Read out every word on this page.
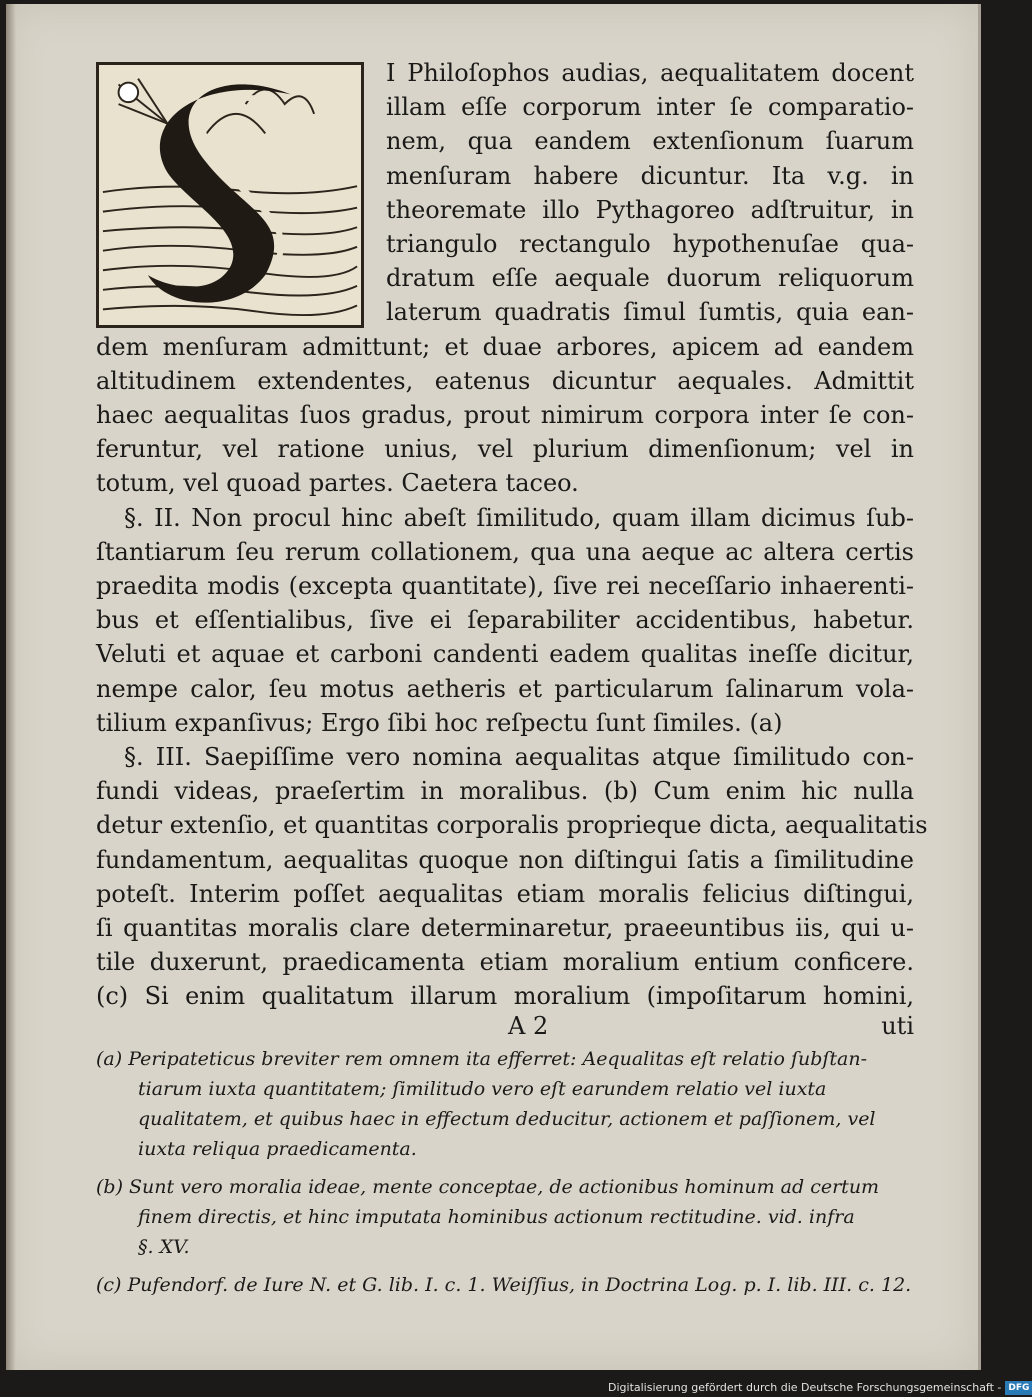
I Philoſophos audias, aequalitatem docent
illam eſſe corporum inter ſe comparatio-
nem, qua eandem extenſionum ſuarum
menſuram habere dicuntur. Ita v.g. in
theoremate illo Pythagoreo adſtruitur, in
triangulo rectangulo hypothenuſae qua-
dratum eſſe aequale duorum reliquorum
laterum quadratis ſimul ſumtis, quia ean-
dem menſuram admittunt; et duae arbores, apicem ad eandem
altitudinem extendentes, eatenus dicuntur aequales. Admittit
haec aequalitas ſuos gradus, prout nimirum corpora inter ſe con-
feruntur, vel ratione unius, vel plurium dimenſionum; vel in
totum, vel quoad partes. Caetera taceo.
§. II. Non procul hinc abeſt ſimilitudo, quam illam dicimus ſub-
ſtantiarum ſeu rerum collationem, qua una aeque ac altera certis
praedita modis (excepta quantitate), ſive rei neceſſario inhaerenti-
bus et eſſentialibus, ſive ei ſeparabiliter accidentibus, habetur.
Veluti et aquae et carboni candenti eadem qualitas ineſſe dicitur,
nempe calor, ſeu motus aetheris et particularum ſalinarum vola-
tilium expanſivus; Ergo ſibi hoc reſpectu ſunt ſimiles. (a)
§. III. Saepiſſime vero nomina aequalitas atque ſimilitudo con-
fundi videas, praeſertim in moralibus. (b) Cum enim hic nulla
detur extenſio, et quantitas corporalis proprieque dicta, aequalitatis
fundamentum, aequalitas quoque non diſtingui ſatis a ſimilitudine
poteſt. Interim poſſet aequalitas etiam moralis felicius diſtingui,
ſi quantitas moralis clare determinaretur, praeeuntibus iis, qui u-
tile duxerunt, praedicamenta etiam moralium entium conficere.
(c) Si enim qualitatum illarum moralium (impoſitarum homini,
A 2	uti
(a) Peripateticus breviter rem omnem ita efferret: Aequalitas eſt relatio ſubſtan-
tiarum iuxta quantitatem; ſimilitudo vero eſt earundem relatio vel iuxta
qualitatem, et quibus haec in effectum deducitur, actionem et paſſionem, vel
iuxta reliqua praedicamenta.
(b) Sunt vero moralia ideae, mente conceptae, de actionibus hominum ad certum
finem directis, et hinc imputata hominibus actionum rectitudine. vid. infra
§. XV.
(c) Pufendorf. de Iure N. et G. lib. I. c. 1. Weiſſius, in Doctrina Log. p. I. lib. III. c. 12.
Digitalisierung gefördert durch die Deutsche Forschungsgemeinschaft - DFG
